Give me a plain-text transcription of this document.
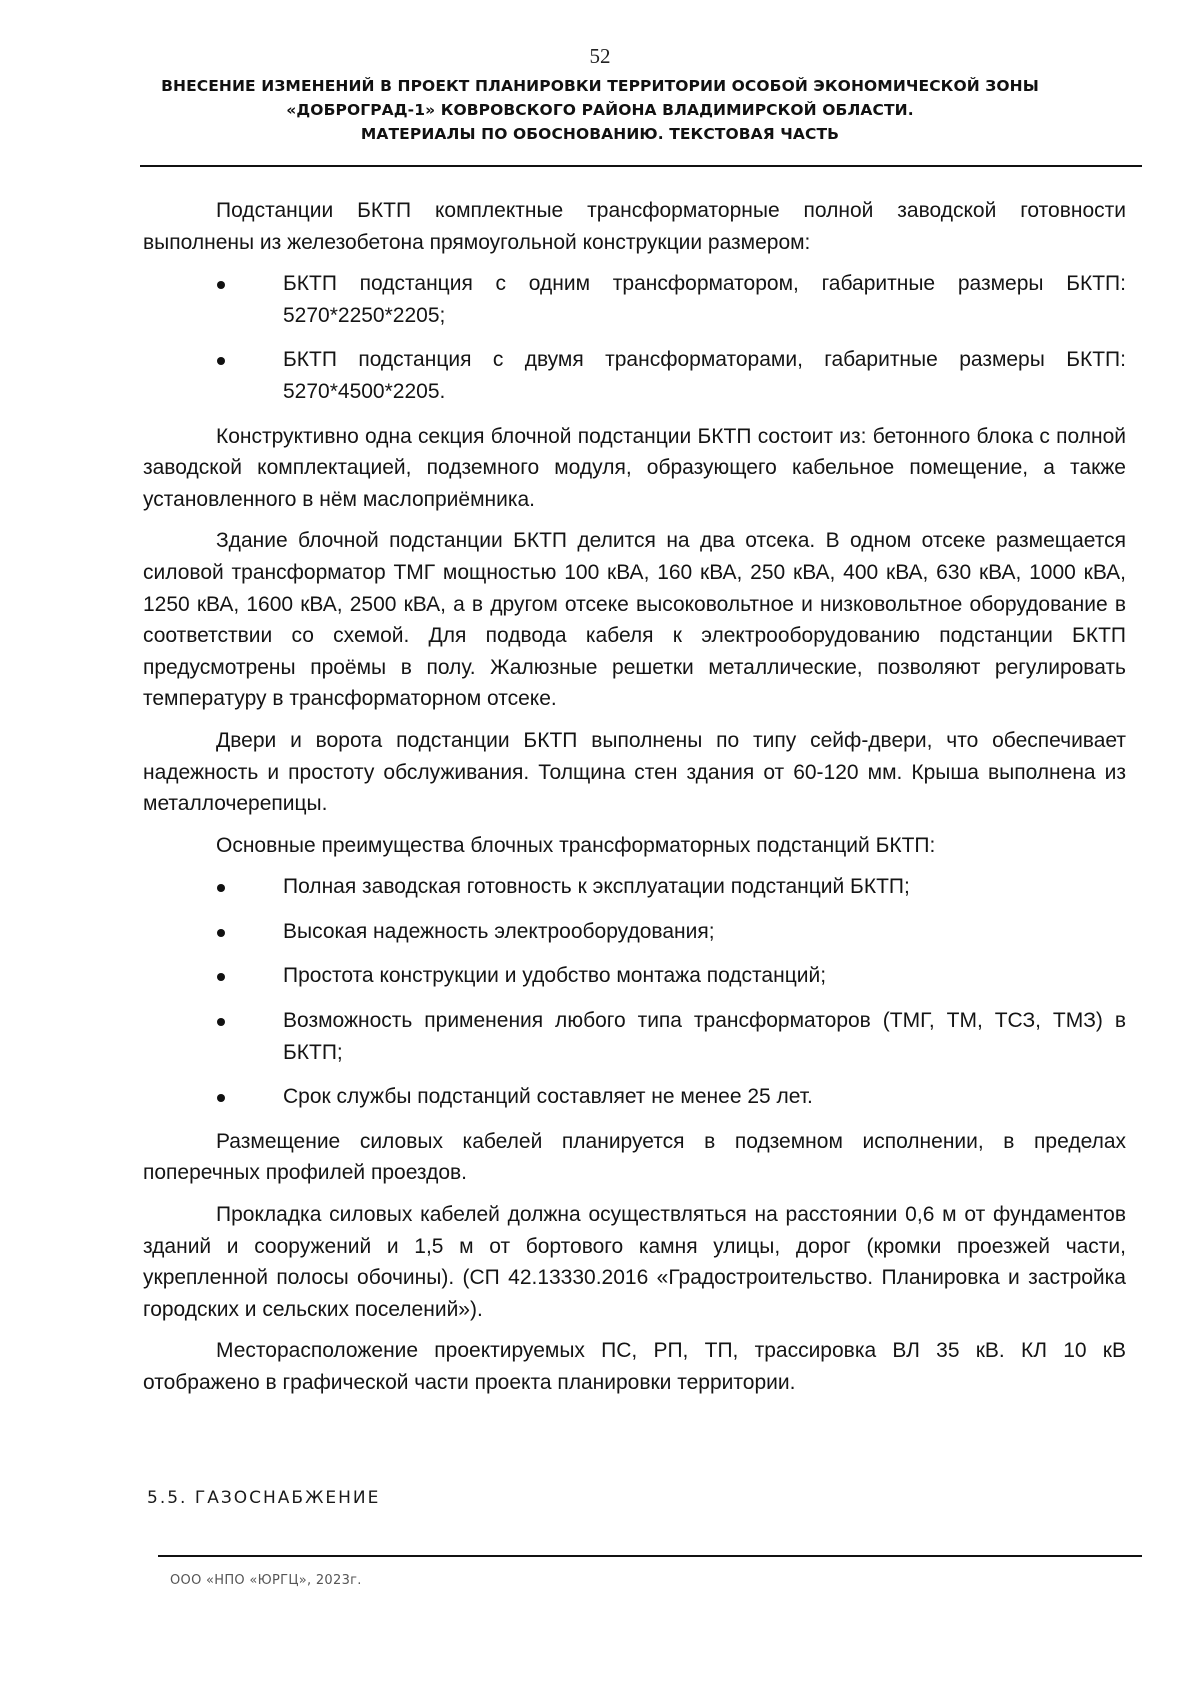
52
ВНЕСЕНИЕ ИЗМЕНЕНИЙ В ПРОЕКТ ПЛАНИРОВКИ ТЕРРИТОРИИ ОСОБОЙ ЭКОНОМИЧЕСКОЙ ЗОНЫ
«ДОБРОГРАД-1» КОВРОВСКОГО РАЙОНА ВЛАДИМИРСКОЙ ОБЛАСТИ.
МАТЕРИАЛЫ ПО ОБОСНОВАНИЮ. ТЕКСТОВАЯ ЧАСТЬ

Подстанции БКТП комплектные трансформаторные полной заводской готовности выполнены из железобетона прямоугольной конструкции размером:

БКТП подстанция с одним трансформатором, габаритные размеры БКТП: 5270*2250*2205;
БКТП подстанция с двумя трансформаторами, габаритные размеры БКТП: 5270*4500*2205.

Конструктивно одна секция блочной подстанции БКТП состоит из: бетонного блока с полной заводской комплектацией, подземного модуля, образующего кабельное помещение, а также установленного в нём маслоприёмника.

Здание блочной подстанции БКТП делится на два отсека. В одном отсеке размещается силовой трансформатор ТМГ мощностью 100 кВА, 160 кВА, 250 кВА, 400 кВА, 630 кВА, 1000 кВА, 1250 кВА, 1600 кВА, 2500 кВА, а в другом отсеке высоковольтное и низковольтное оборудование в соответствии со схемой. Для подвода кабеля к электрооборудованию подстанции БКТП предусмотрены проёмы в полу. Жалюзные решетки металлические, позволяют регулировать температуру в трансформаторном отсеке.

Двери и ворота подстанции БКТП выполнены по типу сейф-двери, что обеспечивает надежность и простоту обслуживания. Толщина стен здания от 60-120 мм. Крыша выполнена из металлочерепицы.

Основные преимущества блочных трансформаторных подстанций БКТП:

Полная заводская готовность к эксплуатации подстанций БКТП;
Высокая надежность электрооборудования;
Простота конструкции и удобство монтажа подстанций;
Возможность применения любого типа трансформаторов (ТМГ, ТМ, ТСЗ, ТМЗ) в БКТП;
Срок службы подстанций составляет не менее 25 лет.

Размещение силовых кабелей планируется в подземном исполнении, в пределах поперечных профилей проездов.

Прокладка силовых кабелей должна осуществляться на расстоянии 0,6 м от фундаментов зданий и сооружений и 1,5 м от бортового камня улицы, дорог (кромки проезжей части, укрепленной полосы обочины). (СП 42.13330.2016 «Градостроительство. Планировка и застройка городских и сельских поселений»).

Месторасположение проектируемых ПС, РП, ТП, трассировка ВЛ 35 кВ. КЛ 10 кВ отображено в графической части проекта планировки территории.

5.5. ГАЗОСНАБЖЕНИЕ
ООО «НПО «ЮРГЦ», 2023г.
